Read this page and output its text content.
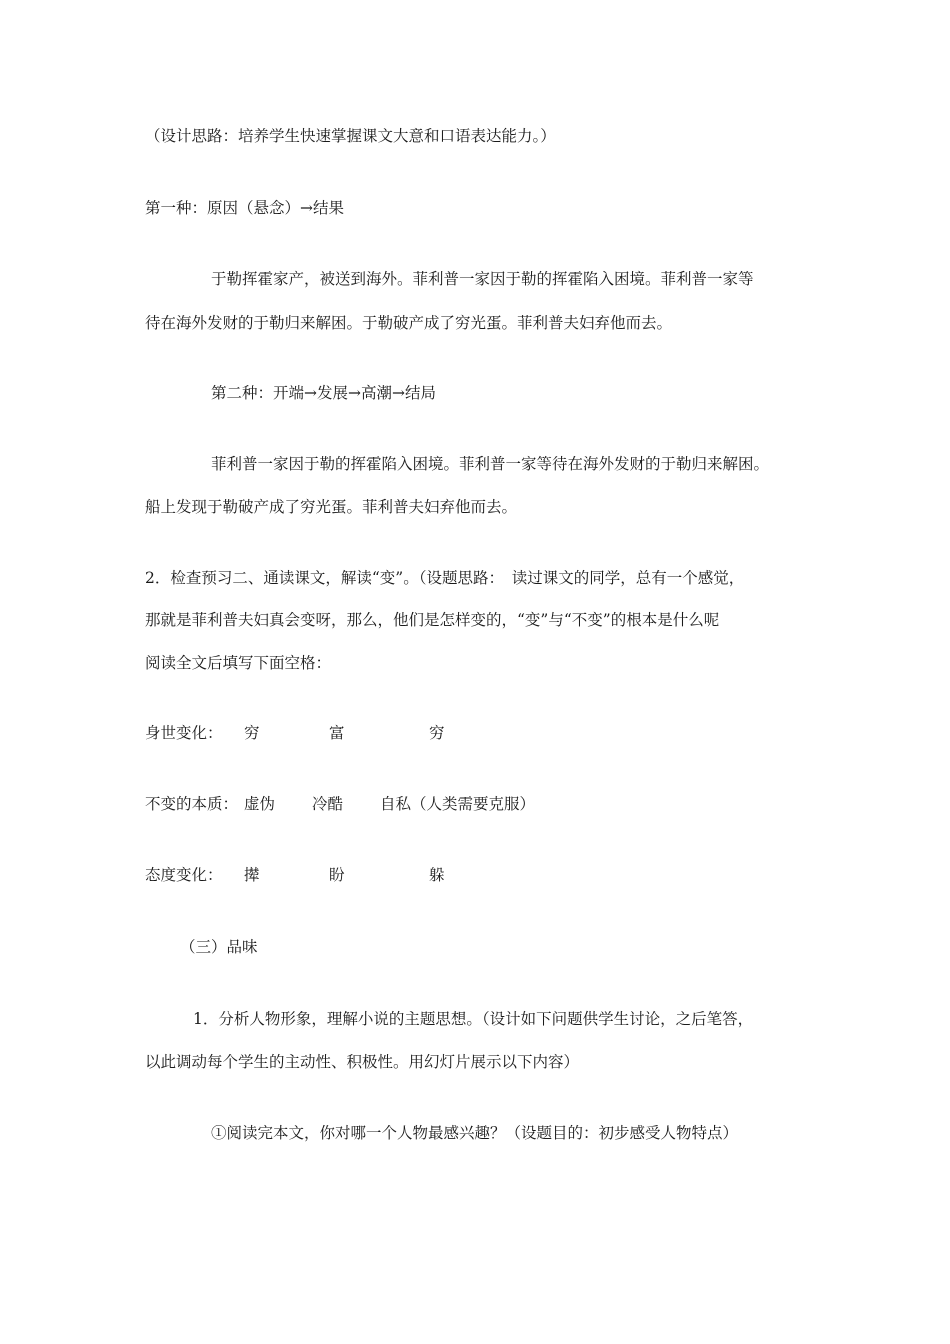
（设计思路：培养学生快速掌握课文大意和口语表达能力。）
第一种：原因（悬念）→结果
于勒挥霍家产，被送到海外。菲利普一家因于勒的挥霍陷入困境。菲利普一家等
待在海外发财的于勒归来解困。于勒破产成了穷光蛋。菲利普夫妇弃他而去。
第二种：开端→发展→高潮→结局
菲利普一家因于勒的挥霍陷入困境。菲利普一家等待在海外发财的于勒归来解困。
船上发现于勒破产成了穷光蛋。菲利普夫妇弃他而去。
2．检查预习二、通读课文，解读“变”。（设题思路：　读过课文的同学，总有一个感觉，
那就是菲利普夫妇真会变呀，那么，他们是怎样变的，“变”与“不变”的根本是什么呢
阅读全文后填写下面空格：
身世变化： 穷	富	穷
不变的本质： 虚伪 冷酷 自私（人类需要克服）
态度变化： 撵	盼	躲
（三）品味
1．分析人物形象，理解小说的主题思想。（设计如下问题供学生讨论，之后笔答，
以此调动每个学生的主动性、积极性。用幻灯片展示以下内容）
①阅读完本文，你对哪一个人物最感兴趣？（设题目的：初步感受人物特点）
